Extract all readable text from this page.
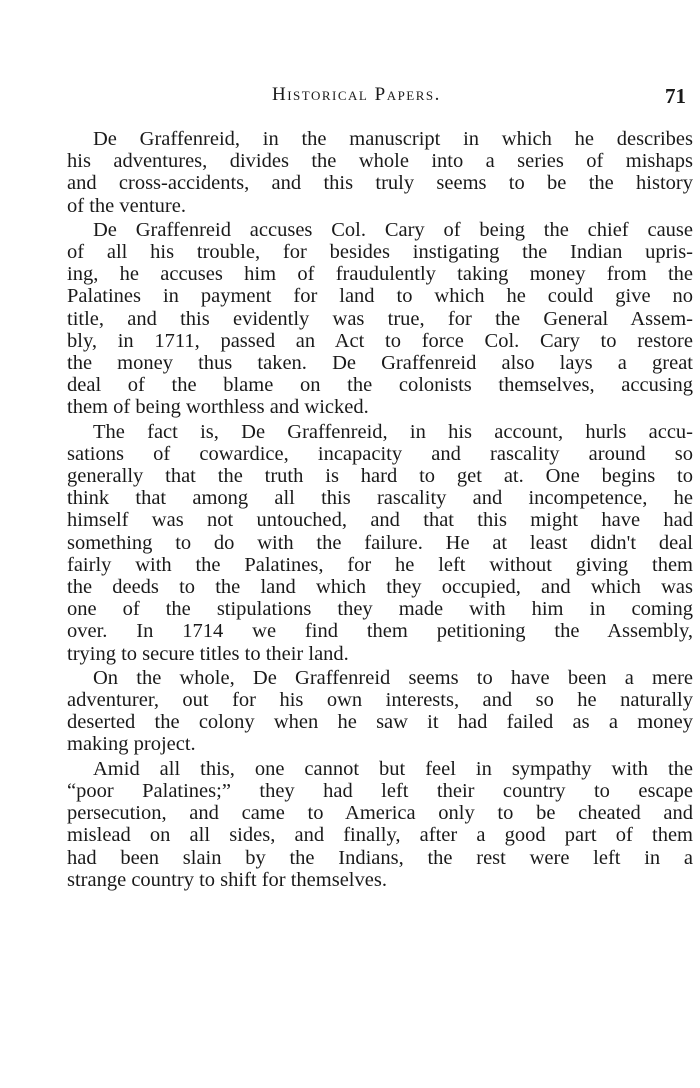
Historical Papers.	71

De Graffenreid, in the manuscript in which he describes
his adventures, divides the whole into a series of mishaps
and cross-accidents, and this truly seems to be the history
of the venture.

De Graffenreid accuses Col. Cary of being the chief cause
of all his trouble, for besides instigating the Indian upris-
ing, he accuses him of fraudulently taking money from the
Palatines in payment for land to which he could give no
title, and this evidently was true, for the General Assem-
bly, in 1711, passed an Act to force Col. Cary to restore
the money thus taken. De Graffenreid also lays a great
deal of the blame on the colonists themselves, accusing
them of being worthless and wicked.

The fact is, De Graffenreid, in his account, hurls accu-
sations of cowardice, incapacity and rascality around so
generally that the truth is hard to get at. One begins to
think that among all this rascality and incompetence, he
himself was not untouched, and that this might have had
something to do with the failure. He at least didn't deal
fairly with the Palatines, for he left without giving them
the deeds to the land which they occupied, and which was
one of the stipulations they made with him in coming
over. In 1714 we find them petitioning the Assembly,
trying to secure titles to their land.

On the whole, De Graffenreid seems to have been a mere
adventurer, out for his own interests, and so he naturally
deserted the colony when he saw it had failed as a money
making project.

Amid all this, one cannot but feel in sympathy with the
“poor Palatines;” they had left their country to escape
persecution, and came to America only to be cheated and
mislead on all sides, and finally, after a good part of them
had been slain by the Indians, the rest were left in a
strange country to shift for themselves.
